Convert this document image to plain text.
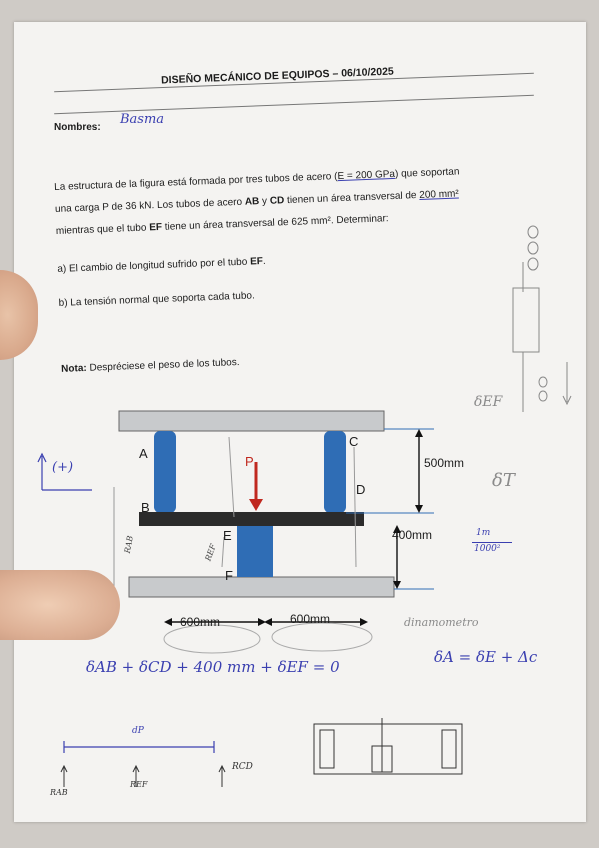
DISEÑO MECÁNICO DE EQUIPOS – 06/10/2025
Nombres:
Basma
La estructura de la figura está formada por tres tubos de acero (E = 200 GPa) que soportan
una carga P de 36 kN. Los tubos de acero AB y CD tienen un área transversal de 200 mm²
mientras que el tubo EF tiene un área transversal de 625 mm². Determinar:
a) El cambio de longitud sufrido por el tubo EF.
b) La tensión normal que soporta cada tubo.
Nota: Despréciese el peso de los tubos.
δEF
δT
A
B
C
D
E
F
P	500mm
400mm
600mm	600mm
(+)
RAB	REF
1m
1000²
dinamometro
δAB + δCD + 400 mm + δEF = 0
δA = δE + Δc
dP
RAB
REF
RCD
